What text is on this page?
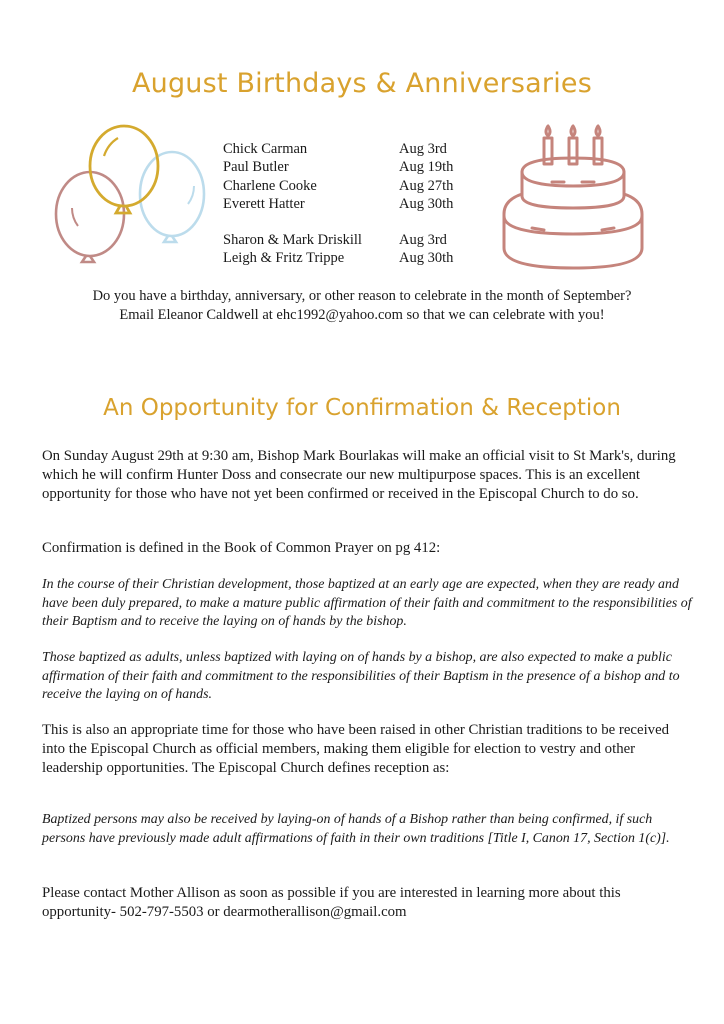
August Birthdays & Anniversaries
Chick Carman	Aug 3rd
Paul Butler	Aug 19th
Charlene Cooke	Aug 27th
Everett Hatter	Aug 30th
Sharon & Mark Driskill	Aug 3rd
Leigh & Fritz Trippe	Aug 30th
Do you have a birthday, anniversary, or other reason to celebrate in the month of September?
Email Eleanor Caldwell at ehc1992@yahoo.com so that we can celebrate with you!
An Opportunity for Confirmation & Reception
On Sunday August 29th at 9:30 am, Bishop Mark Bourlakas will make an official visit to St Mark's, during which he will confirm Hunter Doss and consecrate our new multipurpose spaces. This is an excellent opportunity for those who have not yet been confirmed or received in the Episcopal Church to do so.
Confirmation is defined in the Book of Common Prayer on pg 412:
In the course of their Christian development, those baptized at an early age are expected, when they are ready and have been duly prepared, to make a mature public affirmation of their faith and commitment to the responsibilities of their Baptism and to receive the laying on of hands by the bishop.
Those baptized as adults, unless baptized with laying on of hands by a bishop, are also expected to make a public affirmation of their faith and commitment to the responsibilities of their Baptism in the presence of a bishop and to receive the laying on of hands.
This is also an appropriate time for those who have been raised in other Christian traditions to be received into the Episcopal Church as official members, making them eligible for election to vestry and other leadership opportunities. The Episcopal Church defines reception as:
Baptized persons may also be received by laying-on of hands of a Bishop rather than being confirmed, if such persons have previously made adult affirmations of faith in their own traditions [Title I, Canon 17, Section 1(c)].
Please contact Mother Allison as soon as possible if you are interested in learning more about this opportunity- 502-797-5503 or dearmotherallison@gmail.com
